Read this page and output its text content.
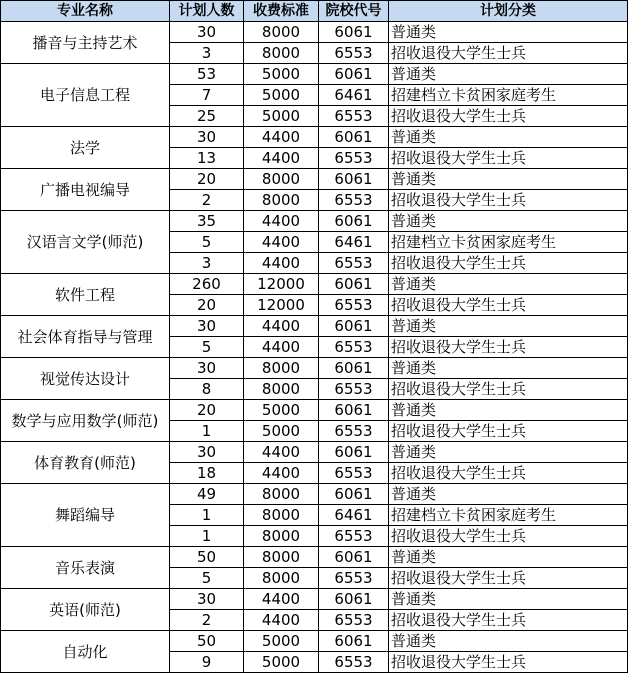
专业名称	计划人数	收费标准	院校代号	计划分类
播音与主持艺术	30	8000	6061	普通类
	3	8000	6553	招收退役大学生士兵
电子信息工程	53	5000	6061	普通类
	7	5000	6461	招建档立卡贫困家庭考生
	25	5000	6553	招收退役大学生士兵
法学	30	4400	6061	普通类
	13	4400	6553	招收退役大学生士兵
广播电视编导	20	8000	6061	普通类
	2	8000	6553	招收退役大学生士兵
汉语言文学(师范)	35	4400	6061	普通类
	5	4400	6461	招建档立卡贫困家庭考生
	3	4400	6553	招收退役大学生士兵
软件工程	260	12000	6061	普通类
	20	12000	6553	招收退役大学生士兵
社会体育指导与管理	30	4400	6061	普通类
	5	4400	6553	招收退役大学生士兵
视觉传达设计	30	8000	6061	普通类
	8	8000	6553	招收退役大学生士兵
数学与应用数学(师范)	20	5000	6061	普通类
	1	5000	6553	招收退役大学生士兵
体育教育(师范)	30	4400	6061	普通类
	18	4400	6553	招收退役大学生士兵
舞蹈编导	49	8000	6061	普通类
	1	8000	6461	招建档立卡贫困家庭考生
	1	8000	6553	招收退役大学生士兵
音乐表演	50	8000	6061	普通类
	5	8000	6553	招收退役大学生士兵
英语(师范)	30	4400	6061	普通类
	2	4400	6553	招收退役大学生士兵
自动化	50	5000	6061	普通类
	9	5000	6553	招收退役大学生士兵
